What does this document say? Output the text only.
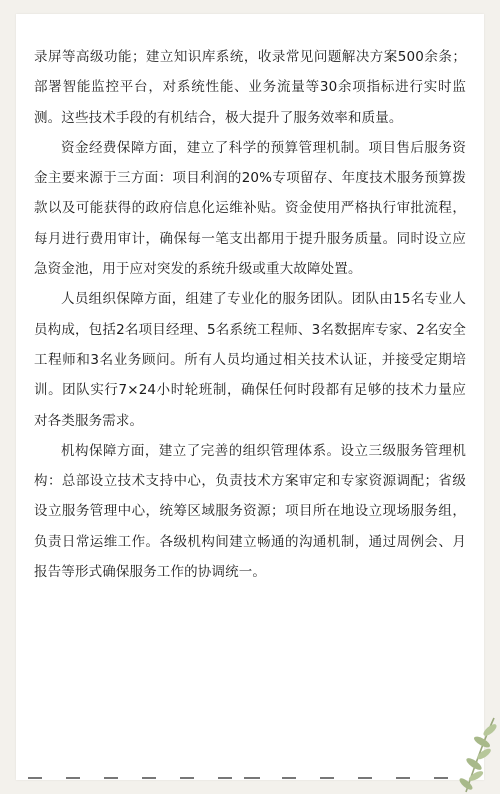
录屏等高级功能；建立知识库系统，收录常见问题解决方案500余条；部署智能监控平台，对系统性能、业务流量等30余项指标进行实时监测。这些技术手段的有机结合，极大提升了服务效率和质量。

资金经费保障方面，建立了科学的预算管理机制。项目售后服务资金主要来源于三方面：项目利润的20%专项留存、年度技术服务预算拨款以及可能获得的政府信息化运维补贴。资金使用严格执行审批流程，每月进行费用审计，确保每一笔支出都用于提升服务质量。同时设立应急资金池，用于应对突发的系统升级或重大故障处置。

人员组织保障方面，组建了专业化的服务团队。团队由15名专业人员构成，包括2名项目经理、5名系统工程师、3名数据库专家、2名安全工程师和3名业务顾问。所有人员均通过相关技术认证，并接受定期培训。团队实行7×24小时轮班制，确保任何时段都有足够的技术力量应对各类服务需求。

机构保障方面，建立了完善的组织管理体系。设立三级服务管理机构：总部设立技术支持中心，负责技术方案审定和专家资源调配；省级设立服务管理中心，统筹区域服务资源；项目所在地设立现场服务组，负责日常运维工作。各级机构间建立畅通的沟通机制，通过周例会、月报告等形式确保服务工作的协调统一。
